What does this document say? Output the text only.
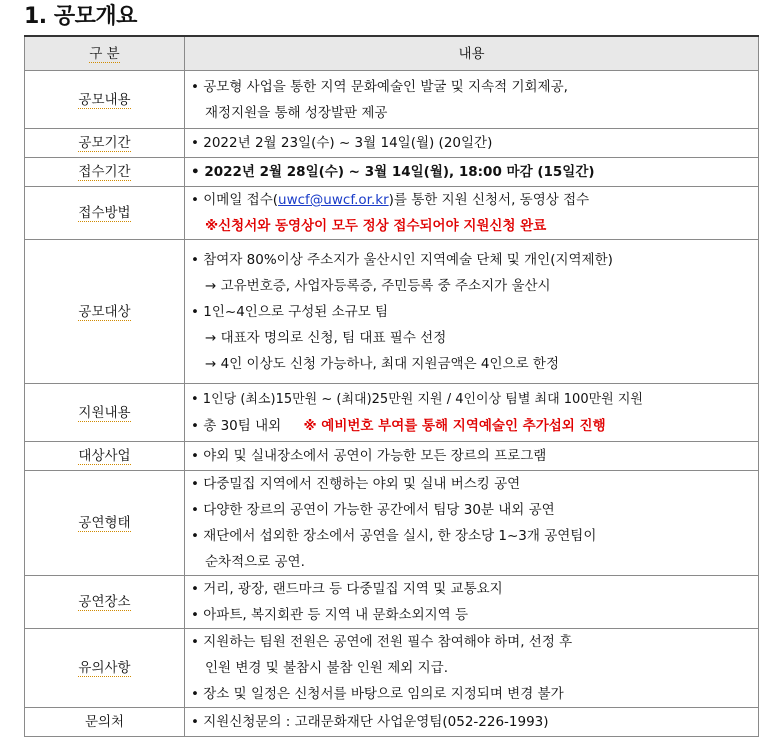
1. 공모개요
구 분	내용
공모내용	• 공모형 사업을 통한 지역 문화예술인 발굴 및 지속적 기회제공,
재정지원을 통해 성장발판 제공

공모기간	• 2022년 2월 23일(수) ~ 3월 14일(월) (20일간)

접수기간	• 2022년 2월 28일(수) ~ 3월 14일(월), 18:00 마감 (15일간)

접수방법	• 이메일 접수(uwcf@uwcf.or.kr)를 통한 지원 신청서, 동영상 접수
※신청서와 동영상이 모두 정상 접수되어야 지원신청 완료

공모대상	• 참여자 80%이상 주소지가 울산시인 지역예술 단체 및 개인(지역제한)
→ 고유번호증, 사업자등록증, 주민등록 중 주소지가 울산시
• 1인~4인으로 구성된 소규모 팀
→ 대표자 명의로 신청, 팀 대표 필수 선정
→ 4인 이상도 신청 가능하나, 최대 지원금액은 4인으로 한정

지원내용	• 1인당 (최소)15만원 ~ (최대)25만원 지원 / 4인이상 팀별 최대 100만원 지원
• 총 30팀 내외 ※ 예비번호 부여를 통해 지역예술인 추가섭외 진행

대상사업	• 야외 및 실내장소에서 공연이 가능한 모든 장르의 프로그램

공연형태	• 다중밀집 지역에서 진행하는 야외 및 실내 버스킹 공연
• 다양한 장르의 공연이 가능한 공간에서 팀당 30분 내외 공연
• 재단에서 섭외한 장소에서 공연을 실시, 한 장소당 1~3개 공연팀이
순차적으로 공연.

공연장소	• 거리, 광장, 랜드마크 등 다중밀집 지역 및 교통요지
• 아파트, 복지회관 등 지역 내 문화소외지역 등

유의사항	• 지원하는 팀원 전원은 공연에 전원 필수 참여해야 하며, 선정 후
인원 변경 및 불참시 불참 인원 제외 지급.
• 장소 및 일정은 신청서를 바탕으로 임의로 지정되며 변경 불가

문의처	• 지원신청문의 : 고래문화재단 사업운영팀(052-226-1993)
